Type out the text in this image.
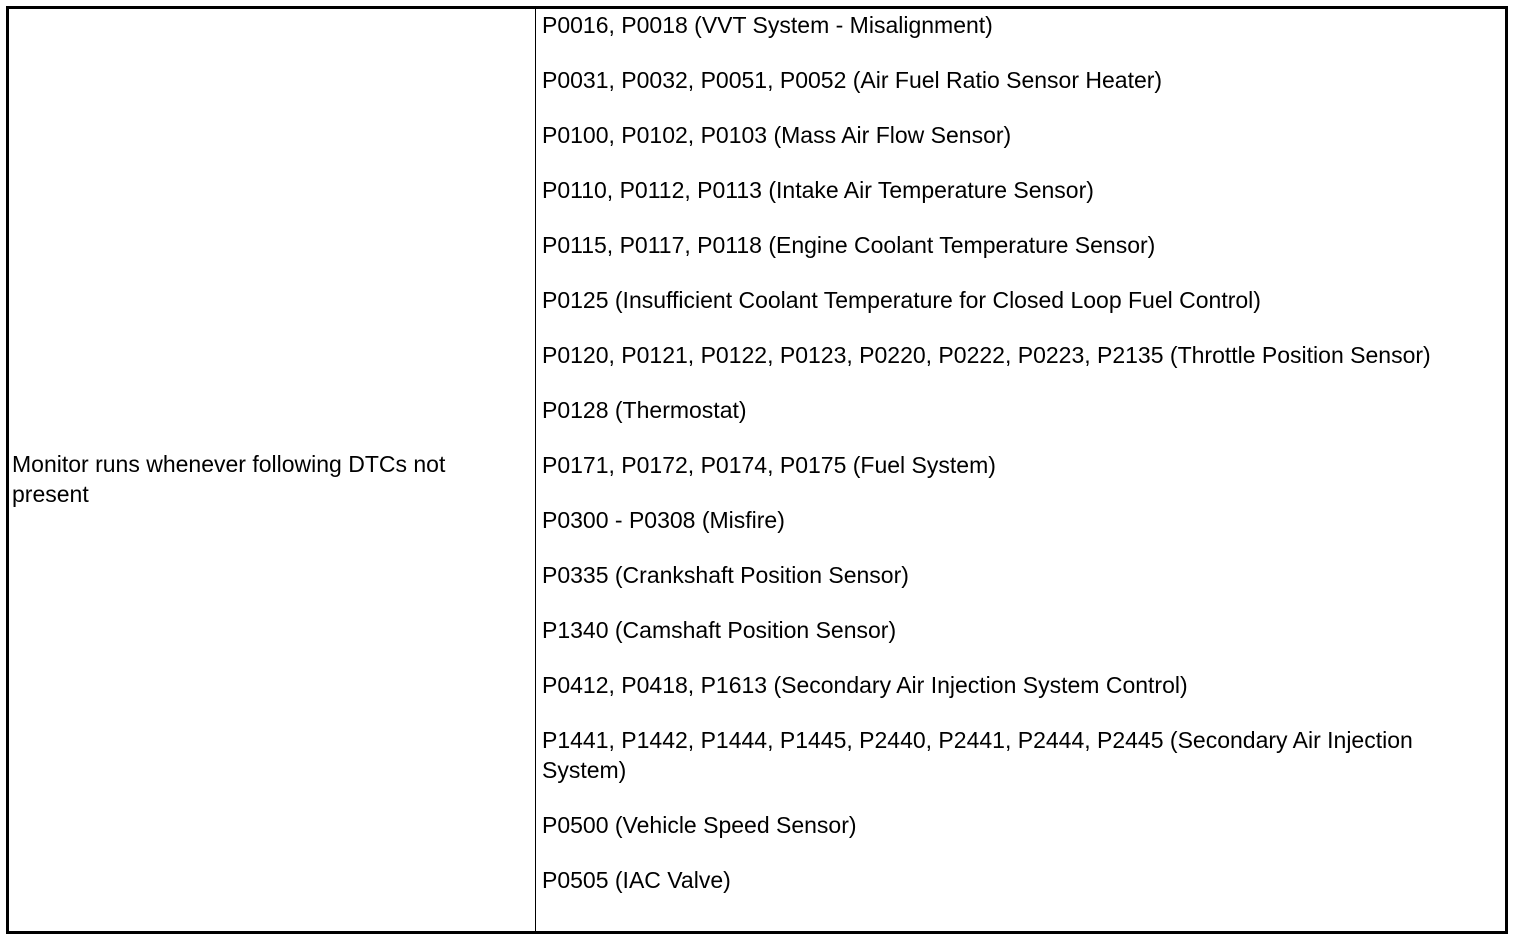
Monitor runs whenever following DTCs not present
P0016, P0018 (VVT System - Misalignment)
P0031, P0032, P0051, P0052 (Air Fuel Ratio Sensor Heater)
P0100, P0102, P0103 (Mass Air Flow Sensor)
P0110, P0112, P0113 (Intake Air Temperature Sensor)
P0115, P0117, P0118 (Engine Coolant Temperature Sensor)
P0125 (Insufficient Coolant Temperature for Closed Loop Fuel Control)
P0120, P0121, P0122, P0123, P0220, P0222, P0223, P2135 (Throttle Position Sensor)
P0128 (Thermostat)
P0171, P0172, P0174, P0175 (Fuel System)
P0300 - P0308 (Misfire)
P0335 (Crankshaft Position Sensor)
P1340 (Camshaft Position Sensor)
P0412, P0418, P1613 (Secondary Air Injection System Control)
P1441, P1442, P1444, P1445, P2440, P2441, P2444, P2445 (Secondary Air Injection System)
P0500 (Vehicle Speed Sensor)
P0505 (IAC Valve)
